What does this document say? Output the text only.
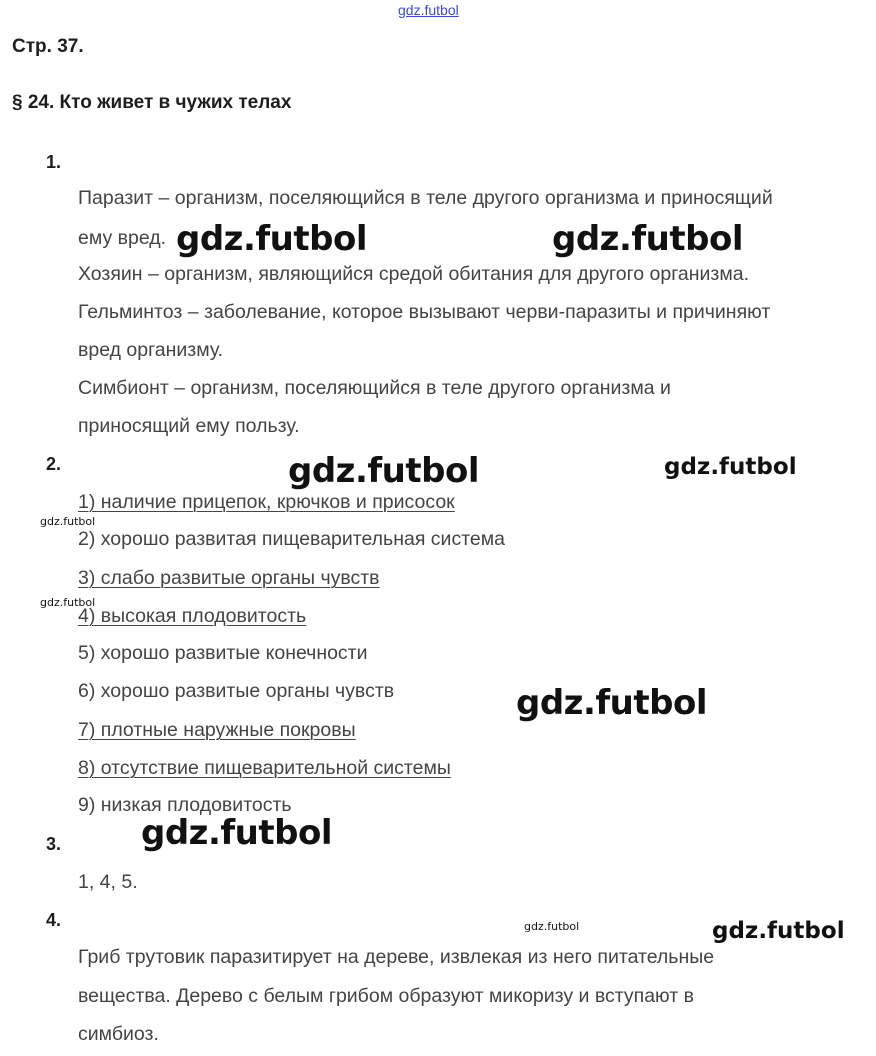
gdz.futbol
Стр. 37.
§ 24. Кто живет в чужих телах
1.
Паразит – организм, поселяющийся в теле другого организма и приносящий
ему вред.
Хозяин – организм, являющийся средой обитания для другого организма.
Гельминтоз – заболевание, которое вызывают черви-паразиты и причиняют
вред организму.
Симбионт – организм, поселяющийся в теле другого организма и
приносящий ему пользу.
2.
1) наличие прицепок, крючков и присосок
2) хорошо развитая пищеварительная система
3) слабо развитые органы чувств
4) высокая плодовитость
5) хорошо развитые конечности
6) хорошо развитые органы чувств
7) плотные наружные покровы
8) отсутствие пищеварительной системы
9) низкая плодовитость
3.
1, 4, 5.
4.
Гриб трутовик паразитирует на дереве, извлекая из него питательные
вещества. Дерево с белым грибом образуют микоризу и вступают в
симбиоз.
gdz.futbol	gdz.futbol
gdz.futbol	gdz.futbol
gdz.futbol
gdz.futbol
gdz.futbol
gdz.futbol
gdz.futbol	gdz.futbol
